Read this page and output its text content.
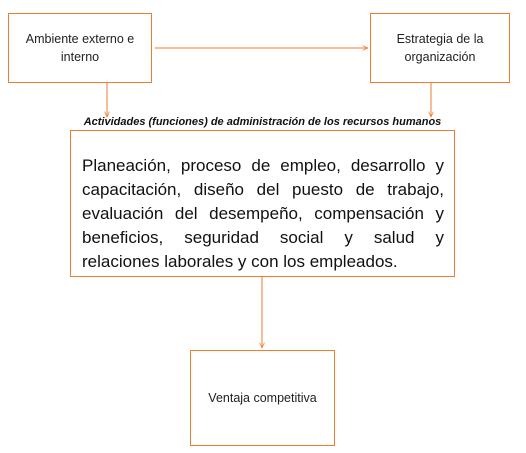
Ambiente externo e interno
Estrategia de la organización
Actividades (funciones) de administración de los recursos humanos
Planeación, proceso de empleo, desarrollo y capacitación, diseño del puesto de trabajo, evaluación del desempeño, compensación y beneficios, seguridad social y salud y relaciones laborales y con los empleados.
Ventaja competitiva
